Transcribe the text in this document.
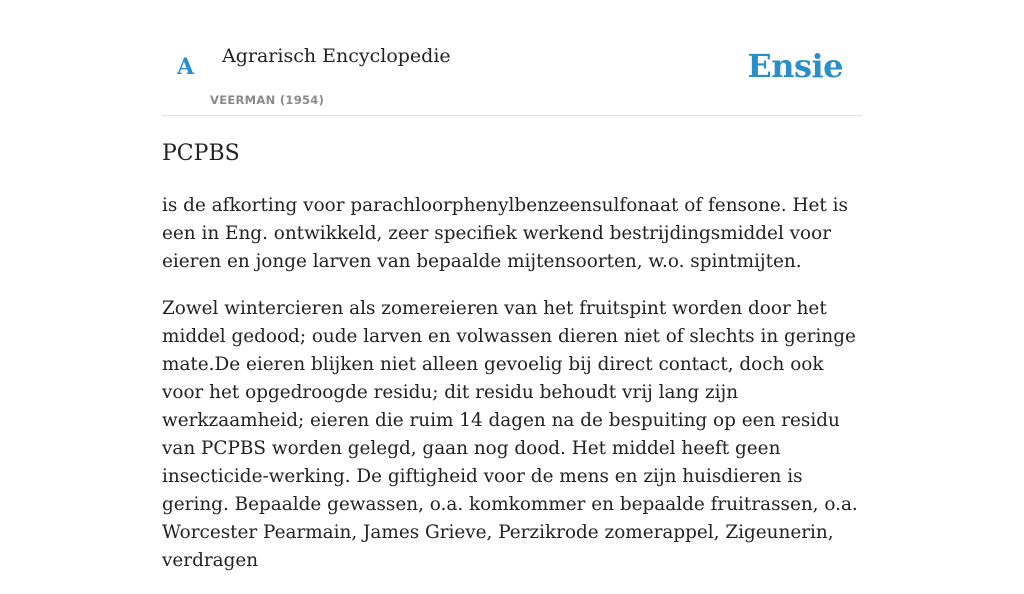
A Agrarisch Encyclopedie
VEERMAN (1954)
Ensie
PCPBS

is de afkorting voor parachloorphenylbenzeensulfonaat of fensone. Het is een in Eng. ontwikkeld, zeer specifiek werkend bestrijdingsmiddel voor eieren en jonge larven van bepaalde mijtensoorten, w.o. spintmijten.

Zowel wintercieren als zomereieren van het fruitspint worden door het middel gedood; oude larven en volwassen dieren niet of slechts in geringe mate.De eieren blijken niet alleen gevoelig bij direct contact, doch ook voor het opgedroogde residu; dit residu behoudt vrij lang zijn werkzaamheid; eieren die ruim 14 dagen na de bespuiting op een residu van PCPBS worden gelegd, gaan nog dood. Het middel heeft geen insecticide-werking. De giftigheid voor de mens en zijn huisdieren is gering. Bepaalde gewassen, o.a. komkommer en bepaalde fruitrassen, o.a. Worcester Pearmain, James Grieve, Perzikrode zomerappel, Zigeunerin, verdragen
